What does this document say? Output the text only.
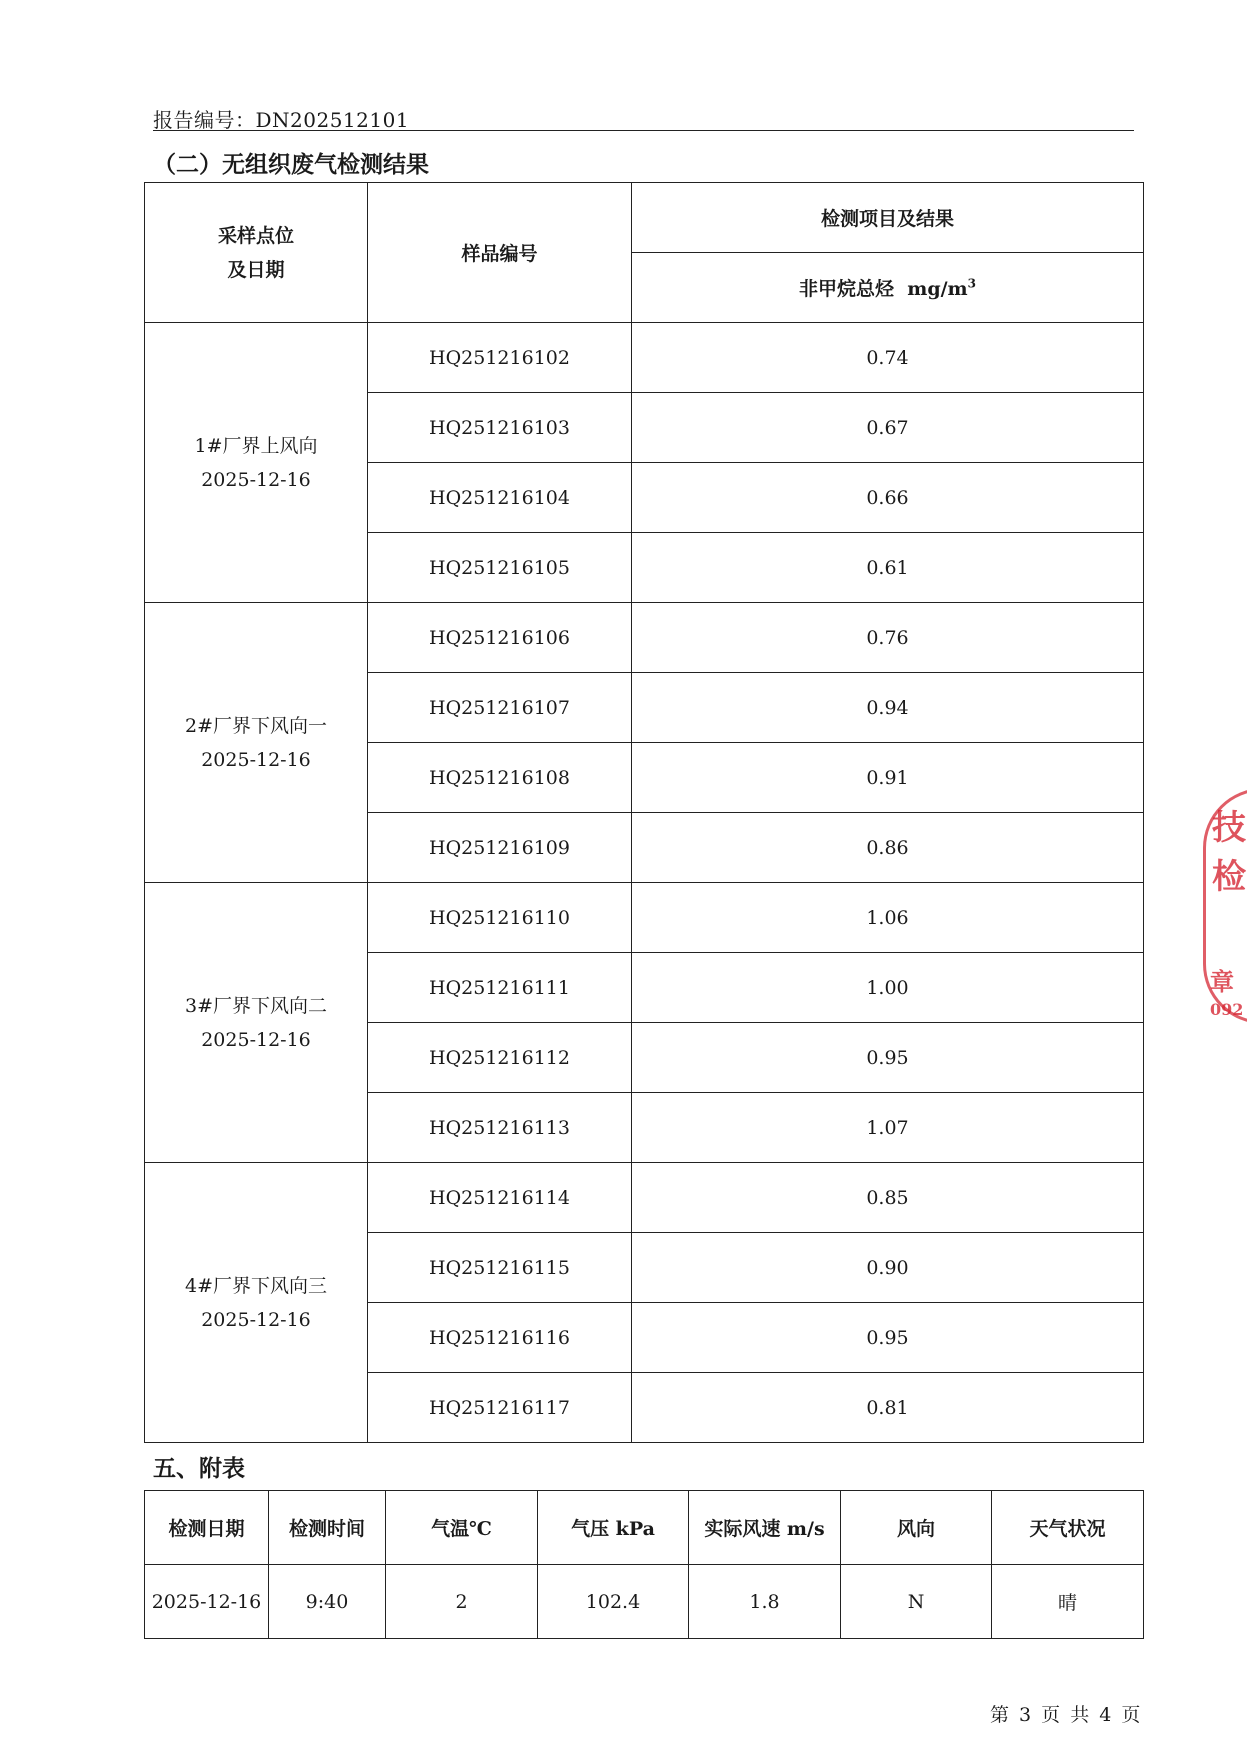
报告编号：DN202512101
（二）无组织废气检测结果
采样点位
及日期	样品编号	检测项目及结果
		非甲烷总烃 $mg/m^3$
1#厂界上风向
2025-12-16	HQ251216102	0.74
	HQ251216103	0.67
	HQ251216104	0.66
	HQ251216105	0.61
2#厂界下风向一
2025-12-16	HQ251216106	0.76
	HQ251216107	0.94
	HQ251216108	0.91
	HQ251216109	0.86
3#厂界下风向二
2025-12-16	HQ251216110	1.06
	HQ251216111	1.00
	HQ251216112	0.95
	HQ251216113	1.07
4#厂界下风向三
2025-12-16	HQ251216114	0.85
	HQ251216115	0.90
	HQ251216116	0.95
	HQ251216117	0.81
五、附表
检测日期	检测时间	气温℃	气压 kPa	实际风速 m/s	风向	天气状况
2025-12-16	9:40	2	102.4	1.8	N	晴
第 3 页 共 4 页
技检
章
092
